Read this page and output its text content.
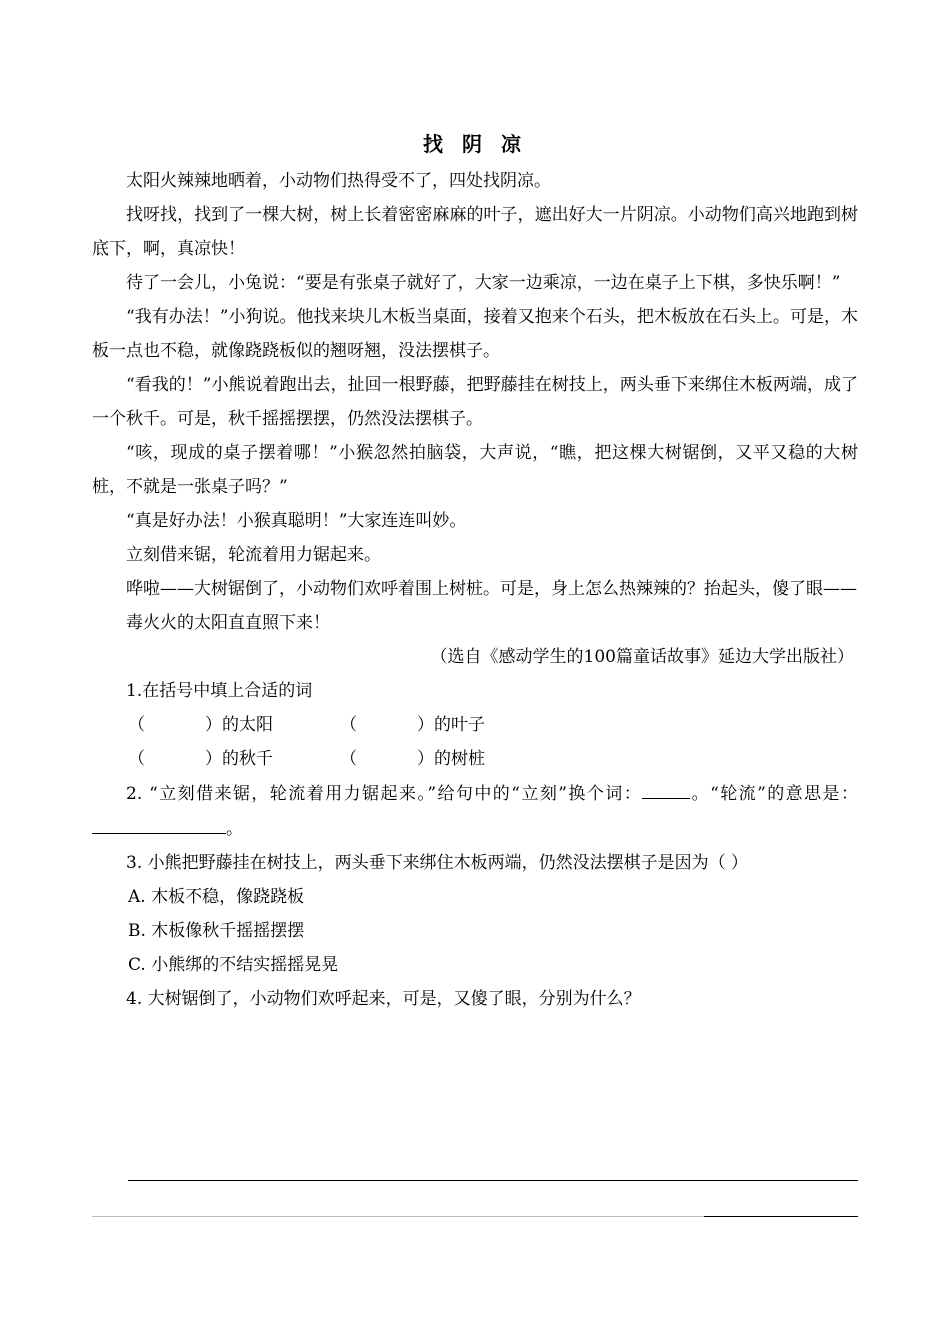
找 阴 凉

太阳火辣辣地晒着，小动物们热得受不了，四处找阴凉。

找呀找，找到了一棵大树，树上长着密密麻麻的叶子，遮出好大一片阴凉。小动物们高兴地跑到树底下，啊，真凉快！

待了一会儿，小兔说：“要是有张桌子就好了，大家一边乘凉，一边在桌子上下棋，多快乐啊！”

“我有办法！”小狗说。他找来块儿木板当桌面，接着又抱来个石头，把木板放在石头上。可是，木板一点也不稳，就像跷跷板似的翘呀翘，没法摆棋子。

“看我的！”小熊说着跑出去，扯回一根野藤，把野藤挂在树技上，两头垂下来绑住木板两端，成了一个秋千。可是，秋千摇摇摆摆，仍然没法摆棋子。

“咳，现成的桌子摆着哪！”小猴忽然拍脑袋，大声说，“瞧，把这棵大树锯倒，又平又稳的大树桩，不就是一张桌子吗？”

“真是好办法！小猴真聪明！”大家连连叫妙。

立刻借来锯，轮流着用力锯起来。

哗啦——大树锯倒了，小动物们欢呼着围上树桩。可是，身上怎么热辣辣的？抬起头，傻了眼——

毒火火的太阳直直照下来！

（选自《感动学生的100篇童话故事》延边大学出版社）

1.在括号中填上合适的词

（	）的太阳	（	）的叶子

（	）的秋千	（	）的树桩

2. “立刻借来锯，轮流着用力锯起来。”给句中的“立刻”换个词：	。“轮流”的意思是：。

3. 小熊把野藤挂在树技上，两头垂下来绑住木板两端，仍然没法摆棋子是因为（ ）

A. 木板不稳，像跷跷板

B. 木板像秋千摇摇摆摆

C. 小熊绑的不结实摇摇晃晃

4. 大树锯倒了，小动物们欢呼起来，可是，又傻了眼，分别为什么？
